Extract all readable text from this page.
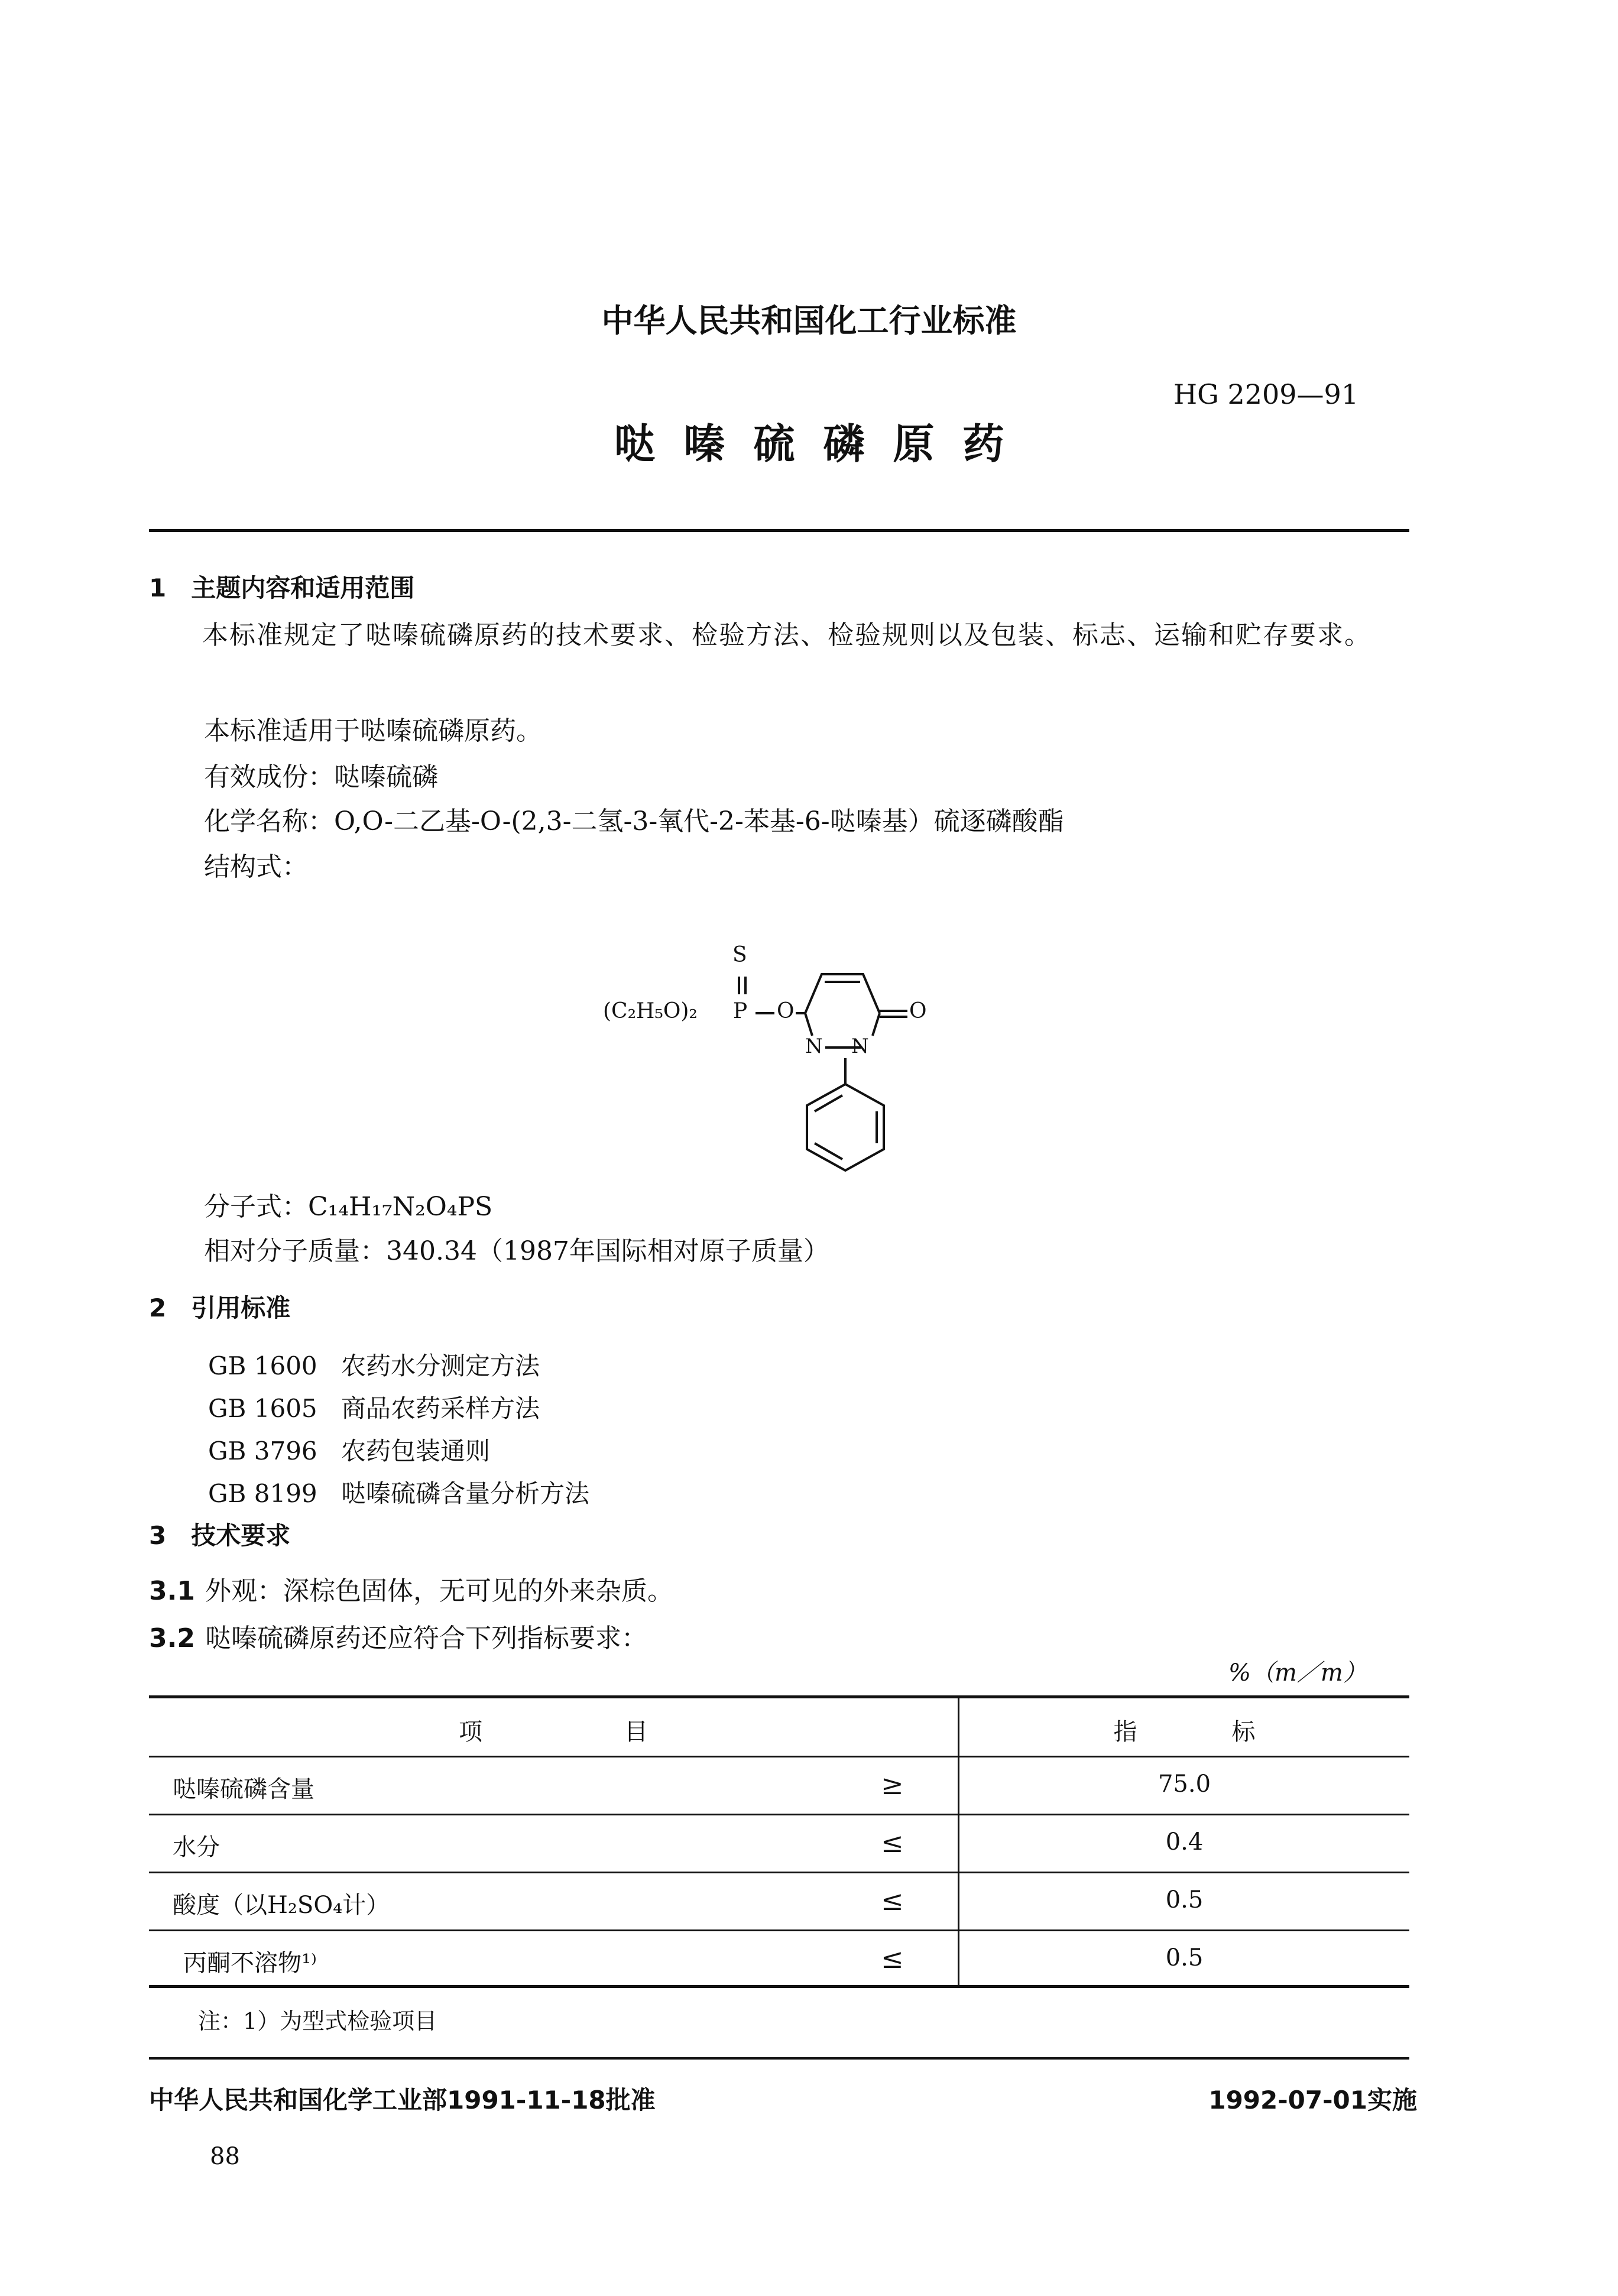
中华人民共和国化工行业标准
HG 2209—91
哒嗪硫磷原药
1　主题内容和适用范围
本标准规定了哒嗪硫磷原药的技术要求、检验方法、检验规则以及包装、标志、运输和贮存要求。
本标准适用于哒嗪硫磷原药。
有效成份：哒嗪硫磷
化学名称：O,O-二乙基-O-(2,3-二氢-3-氧代-2-苯基-6-哒嗪基）硫逐磷酸酯
结构式：
S
(C₂H₅O)₂ P O	O
N N
分子式：C₁₄H₁₇N₂O₄PS
相对分子质量：340.34（1987年国际相对原子质量）
2　引用标准
GB 1600 农药水分测定方法
GB 1605 商品农药采样方法
GB 3796 农药包装通则
GB 8199 哒嗪硫磷含量分析方法
3　技术要求
3.1 外观：深棕色固体，无可见的外来杂质。
3.2 哒嗪硫磷原药还应符合下列指标要求：
%（m／m）
项　　　　　　目	指　　　　标
哒嗪硫磷含量	≥	75.0
水分	≤	0.4
酸度（以H₂SO₄计）	≤	0.5
丙酮不溶物¹⁾	≤	0.5
注：1）为型式检验项目
中华人民共和国化学工业部1991-11-18批准	1992-07-01实施
88
